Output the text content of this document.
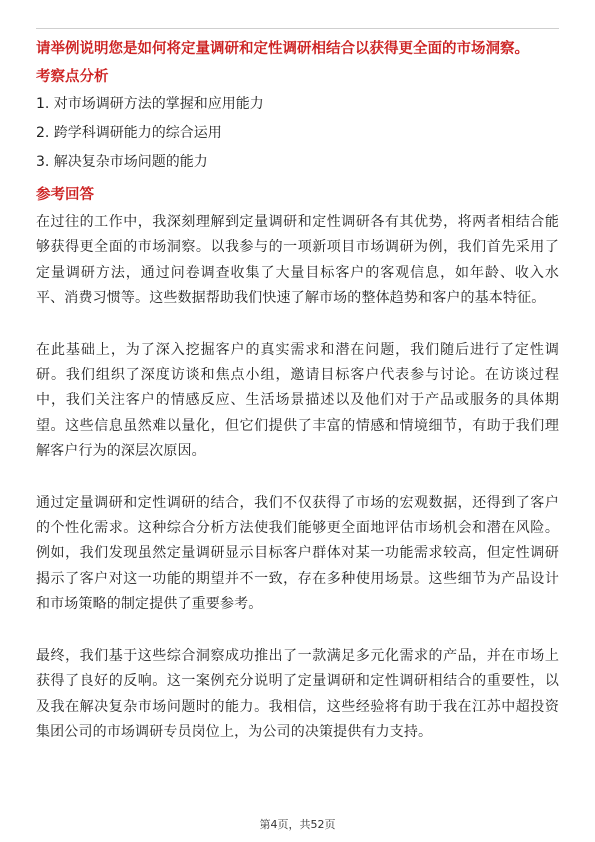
请举例说明您是如何将定量调研和定性调研相结合以获得更全面的市场洞察。
考察点分析
1. 对市场调研方法的掌握和应用能力
2. 跨学科调研能力的综合运用
3. 解决复杂市场问题的能力
参考回答

在过往的工作中，我深刻理解到定量调研和定性调研各有其优势，将两者相结合能够获得更全面的市场洞察。以我参与的一项新项目市场调研为例，我们首先采用了定量调研方法，通过问卷调查收集了大量目标客户的客观信息，如年龄、收入水平、消费习惯等。这些数据帮助我们快速了解市场的整体趋势和客户的基本特征。

在此基础上，为了深入挖掘客户的真实需求和潜在问题，我们随后进行了定性调研。我们组织了深度访谈和焦点小组，邀请目标客户代表参与讨论。在访谈过程中，我们关注客户的情感反应、生活场景描述以及他们对于产品或服务的具体期望。这些信息虽然难以量化，但它们提供了丰富的情感和情境细节，有助于我们理解客户行为的深层次原因。

通过定量调研和定性调研的结合，我们不仅获得了市场的宏观数据，还得到了客户的个性化需求。这种综合分析方法使我们能够更全面地评估市场机会和潜在风险。例如，我们发现虽然定量调研显示目标客户群体对某一功能需求较高，但定性调研揭示了客户对这一功能的期望并不一致，存在多种使用场景。这些细节为产品设计和市场策略的制定提供了重要参考。

最终，我们基于这些综合洞察成功推出了一款满足多元化需求的产品，并在市场上获得了良好的反响。这一案例充分说明了定量调研和定性调研相结合的重要性，以及我在解决复杂市场问题时的能力。我相信，这些经验将有助于我在江苏中超投资集团公司的市场调研专员岗位上，为公司的决策提供有力支持。

第4页，共52页
